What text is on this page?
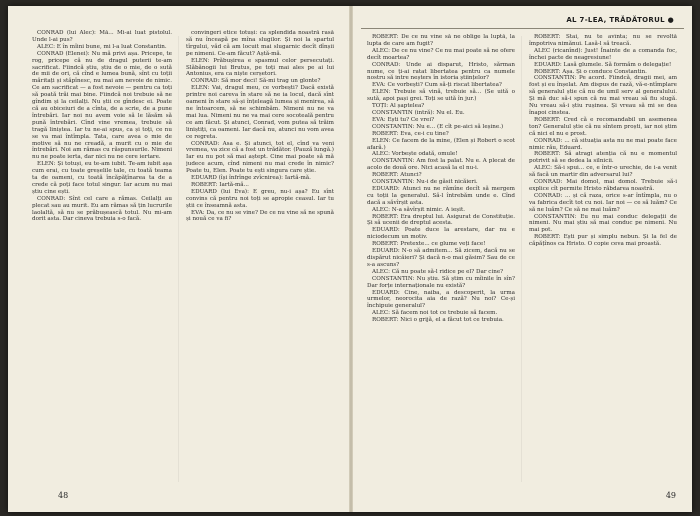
CONRAD (lui Alec): Mă... Mi-ai luat pistolul. Unde l-ai pus?

ALEC: E în mîini bune, mi l-a luat Constantin.

CONRAD (Elenei): Nu mă privi așa. Pricepe, te rog, pricepe că nu de dragul puterii te-am sacrificat. Fiindcă știu, știu de o mie, de o sută de mii de ori, că cînd e lumea bună, sînt cu toții măritați și stăpînesc, nu mai am nevoie de nimic. Ce am sacrificat — a fost nevoie — pentru ca toți să poată trăi mai bine. Fiindcă noi trebuie să ne gîndim și la ceilalți. Nu știi ce gîndesc ei. Poate că au obiceiuri de a cînta, de a scrie, de a pune întrebări. Iar noi nu avem voie să le lăsăm să pună întrebări. Cînd vine vremea, trebuie să tragă liniștea. Iar tu ne-ai spus, ca și toți, ce nu se va mai întîmpla. Tata, care avea o mie de motive să nu ne creadă, a murit cu o mie de întrebări. Noi am rămas cu răspunsurile. Nimeni nu ne poate ierta, dar nici nu ne cere iertare.

ELEN: Și totuși, eu te-am iubit. Te-am iubit așa cum erai, cu toate greșelile tale, cu toată teama ta de oameni, cu toată încăpățînarea ta de a crede că poți face totul singur. Iar acum nu mai știu cine ești.

CONRAD: Sînt cel care a rămas. Ceilalți au plecat sau au murit. Eu am rămas să țin lucrurile laolaltă, să nu se prăbușească totul. Nu mi-am dorit asta. Dar cineva trebuia s-o facă.

convingeri etice totuși: ca splendida noastră rasă să nu înceapă pe mîna slugilor. Și noi la spartul tîrgului, văd că am locuit mai slugarnic decît dînșii pe nimeni. Ce-am făcut? Aștă-mă.

ELEN: Prăbușirea e spasmul celor persecutați. Slăbănogii lui Brutus, pe toți mai ales pe ai lui Antonius, era ca niște cerșetori.

CONRAD: Să mor deci! Să-mi trag un glonte?

ELEN: Vai, dragul meu, ce vorbești? Dacă există printre noi careva în stare să ne ia locul, dacă sînt oameni în stare să-și înțeleagă lumea și menirea, să ne întoarcem, să ne schimbăm. Nimeni nu ne va mai lua. Nimeni nu ne va mai cere socoteală pentru ce am făcut. Și atunci, Conrad, vom putea să trăim liniștiți, ca oameni. Iar dacă nu, atunci nu vom avea ce regreta.

CONRAD: Asa e. Și atunci, tot el, cînd va veni vremea, va zice că a fost un trădător. (Pauză lungă.) Iar eu nu pot să mai aștept. Cine mai poate să mă judece acum, cînd nimeni nu mai crede în nimic? Poate tu, Elen. Poate tu ești singura care știe.

EDUARD (își înfrînge zvîcnirea): Iartă-mă.

ROBERT: Iartă-mă...

EDUARD (lui Eva): E greu, nu-i așa? Eu sînt convins că pentru noi toți se apropie ceasul. Iar tu știi ce înseamnă asta.

EVA: Da, ce nu se vine? De ce nu vine să ne spună și nouă ce va fi?

48
AL 7-LEA, TRĂDĂTORUL ●

ROBERT: De ce nu vine să ne oblige la luptă, la lupta de care am fugit?

ALEC: De ce nu vine? Ce nu mai poate să ne ofere decît moartea?

CONRAD: Unde ai disparut, Hristo, sărman nume, ce ți-ai ratat libertatea pentru ca numele nostru să intre neșters în istoria științelor?

EVA: Ce vorbești? Cum să-ți riscat libertatea?

ELEN: Trebuie să vină, trebuie să... (Se uită o sută, apoi pași grei. Toți se uită în jur.)

TOȚI: Al șaptelea?

CONSTANTIN (intră): Nu el. Eu.

EVA: Ești tu? Ce vrei?

CONSTANTIN: Nu e... (E cît pe-aici să leșine.)

ROBERT: Eva, ce-i cu tine?

ELEN: Ce facem de la mine, (Elen și Robert o scot afară.)

ALEC: Vorbește odată, omule!

CONSTANTIN: Am fost la palat. Nu e. A plecat de acolo de două ore. Nici acasă la el nu-i.

ROBERT: Atunci?

CONSTANTIN: Nu-i de găsit nicăieri.

EDUARD: Atunci nu ne rămîne decît să mergem cu toții la generalul. Să-l întrebăm unde e. Cînd dacă a săvîrșit asta.

ALEC: N-a săvîrșit nimic. A ieșit.

ROBERT: Era dreptul lui. Asigurat de Constituție. Și să ucenii de dreptul acesta.

EDUARD: Poate duce la arestare, dar nu e niciodecum un motiv.

ROBERT: Pretexte... ce glume veți face!

EDUARD: N-o să admitem... Să zicem, dacă nu se dispărut nicăieri? Și dacă n-o mai găsim? Sau de ce s-a ascuns?

ALEC: Că nu poate să-l ridice pe el? Dar cine?

CONSTANTIN: Nu știu. Să știm cu mîinile în sîn? Dar forțe internaționale nu există?

EDUARD: Cine, naiba, a descoperit, la urma urmelor, neorocita aia de rază? Nu noi? Ce-și închipuie generalul?

ALEC: Să facem noi tot ce trebuie să facem.

ROBERT: Nici o grijă, el a făcut tot ce trebuia.

ROBERT: Stai, nu te avînta; nu se revoltă împotriva nimănui. Lasă-l să treacă.

ALEC (ricanînd): Just! Înainte de a comanda foc, închei pacte de neagresiune!

EDUARD: Lasă glumele. Să formăm o delegație!

ROBERT: Așa. Și o conduce Constantin.

CONSTANTIN: Pe acord. Fiindcă, dragii mei, am fost și eu înșelat. Am dispus de rază, vă-e-ntîmplare să generalul știe că nu de umil serv al generalului. Și mă duc să-i spun că nu mai vreau să fiu slugă. Nu vreau să-i știu rușinea. Și vreau să mi se dea înapoi cinstea.

ROBERT: Cred că e recomandabil un asemenea ton? Generalul știe că nu sîntem proști, iar noi știm că nici el nu e prost.

CONRAD: ... că situația asta nu ne mai poate face nimic rău, Eduard.

ROBERT: Să atragi atenția că nu e momentul potrivit să se dedea la silnicii.

ALEC: Să-i spui... ce, e într-o urechie, de i-a venit să facă un martir din adversarul lui?

CONRAD: Mai domol, mai domol. Trebuie să-i explice cît permite Hristo răbdarea noastră.

CONRAD: ... și că raza, orice s-ar întîmpla, nu o va fabrica decît tot cu noi. Iar noi — ce să luăm? Ce să ne luăm? Ce să ne mai luăm?

CONSTANTIN: Eu nu mai conduc delegații de nimeni. Nu mai știu să mai conduc pe nimeni. Nu mai pot.

ROBERT: Ești pur și simplu nebun. Și la fel de căpățînos ca Hristo. O copie ceva mai proastă.

49
